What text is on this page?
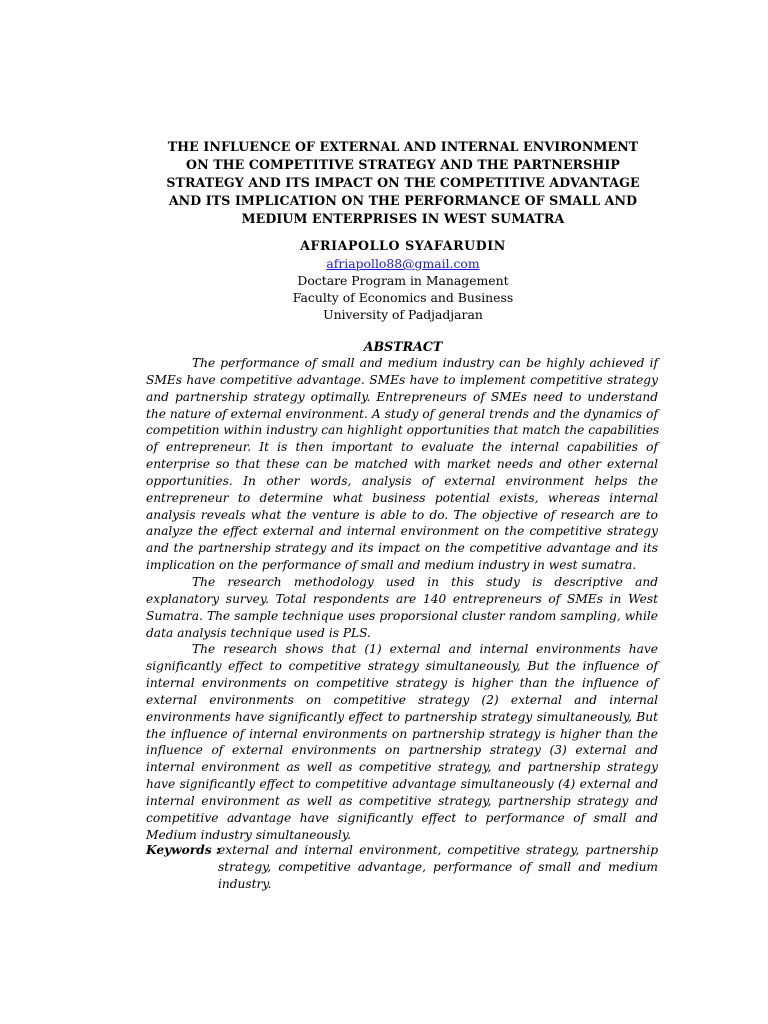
THE INFLUENCE OF EXTERNAL AND INTERNAL ENVIRONMENT
ON THE COMPETITIVE STRATEGY AND THE PARTNERSHIP
STRATEGY AND ITS IMPACT ON THE COMPETITIVE ADVANTAGE
AND ITS IMPLICATION ON THE PERFORMANCE OF SMALL AND
MEDIUM ENTERPRISES IN WEST SUMATRA
AFRIAPOLLO SYAFARUDIN
afriapollo88@gmail.com
Doctare Program in Management
Faculty of Economics and Business
University of Padjadjaran
ABSTRACT
The performance of small and medium industry can be highly achieved if
SMEs have competitive advantage. SMEs have to implement competitive strategy
and partnership strategy optimally. Entrepreneurs of SMEs need to understand
the nature of external environment. A study of general trends and the dynamics of
competition within industry can highlight opportunities that match the capabilities
of entrepreneur. It is then important to evaluate the internal capabilities of
enterprise so that these can be matched with market needs and other external
opportunities. In other words, analysis of external environment helps the
entrepreneur to determine what business potential exists, whereas internal
analysis reveals what the venture is able to do. The objective of research are to
analyze the effect external and internal environment on the competitive strategy
and the partnership strategy and its impact on the competitive advantage and its
implication on the performance of small and medium industry in west sumatra.
The research methodology used in this study is descriptive and
explanatory survey. Total respondents are 140 entrepreneurs of SMEs in West
Sumatra. The sample technique uses proporsional cluster random sampling, while
data analysis technique used is PLS.
The research shows that (1) external and internal environments have
significantly effect to competitive strategy simultaneously, But the influence of
internal environments on competitive strategy is higher than the influence of
external environments on competitive strategy (2) external and internal
environments have significantly effect to partnership strategy simultaneously, But
the influence of internal environments on partnership strategy is higher than the
influence of external environments on partnership strategy (3) external and
internal environment as well as competitive strategy, and partnership strategy
have significantly effect to competitive advantage simultaneously (4) external and
internal environment as well as competitive strategy, partnership strategy and
competitive advantage have significantly effect to performance of small and
Medium industry simultaneously.
Keywords :
external and internal environment, competitive strategy, partnership
strategy, competitive advantage, performance of small and medium
industry.
